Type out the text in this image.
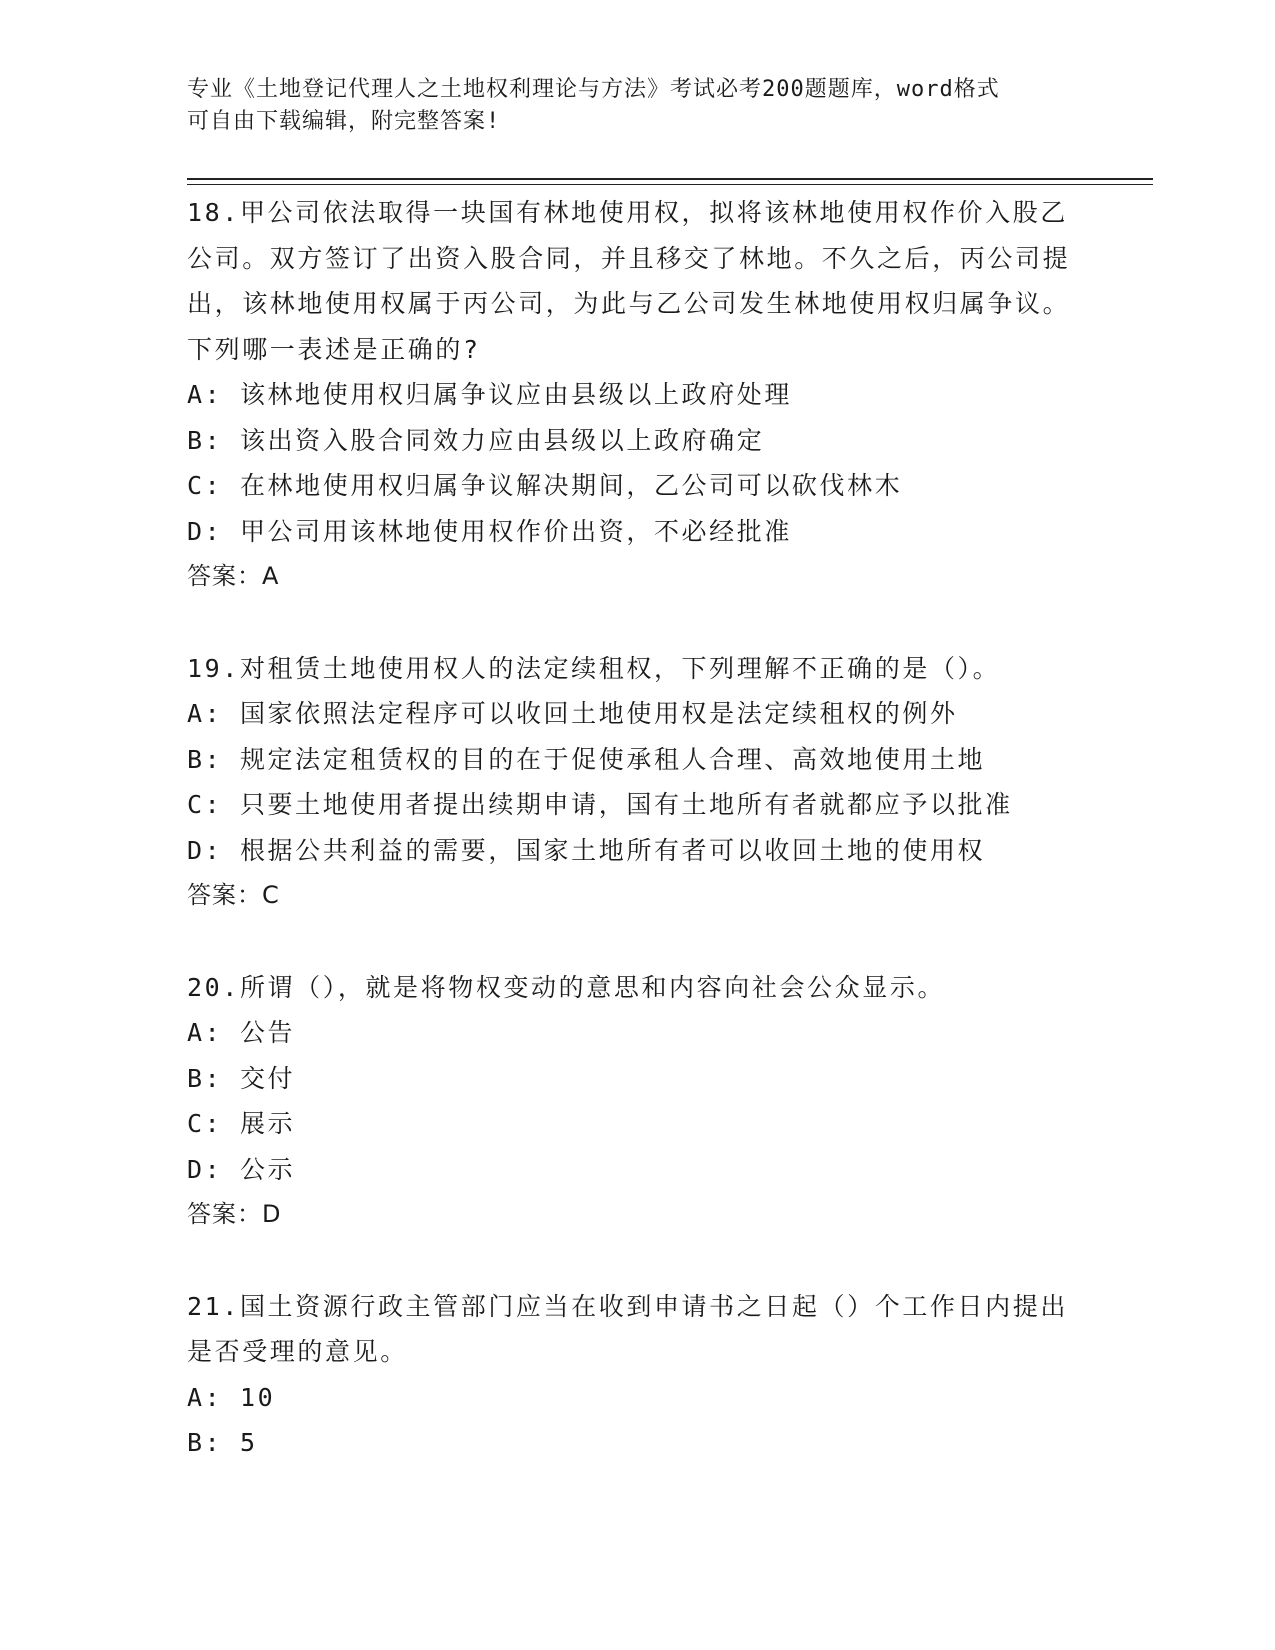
专业《土地登记代理人之土地权利理论与方法》考试必考200题题库，word格式
可自由下载编辑，附完整答案!

18.甲公司依法取得一块国有林地使用权，拟将该林地使用权作价入股乙公司。双方签订了出资入股合同，并且移交了林地。不久之后，丙公司提出，该林地使用权属于丙公司，为此与乙公司发生林地使用权归属争议。下列哪一表述是正确的?

A: 该林地使用权归属争议应由县级以上政府处理

B: 该出资入股合同效力应由县级以上政府确定

C: 在林地使用权归属争议解决期间，乙公司可以砍伐林木

D: 甲公司用该林地使用权作价出资，不必经批准

答案：A

19.对租赁土地使用权人的法定续租权，下列理解不正确的是（）。

A: 国家依照法定程序可以收回土地使用权是法定续租权的例外

B: 规定法定租赁权的目的在于促使承租人合理、高效地使用土地

C: 只要土地使用者提出续期申请，国有土地所有者就都应予以批准

D: 根据公共利益的需要，国家土地所有者可以收回土地的使用权

答案：C

20.所谓（），就是将物权变动的意思和内容向社会公众显示。

A: 公告

B: 交付

C: 展示

D: 公示

答案：D

21.国土资源行政主管部门应当在收到申请书之日起（）个工作日内提出是否受理的意见。

A: 10

B: 5
